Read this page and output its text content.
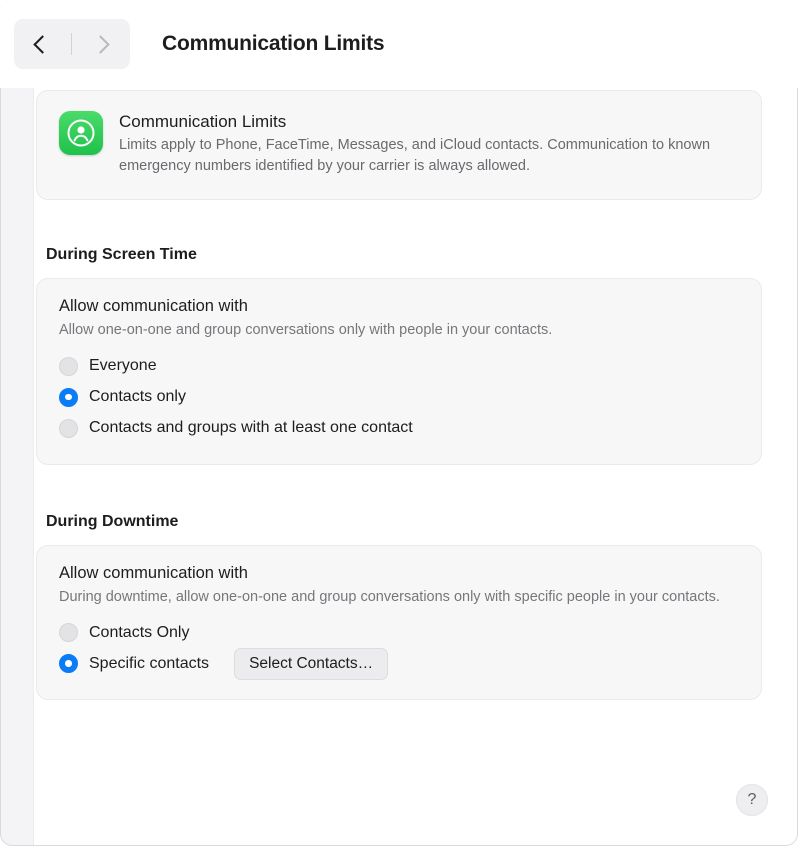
Communication Limits
Communication Limits
Limits apply to Phone, FaceTime, Messages, and iCloud contacts. Communication to known emergency numbers identified by your carrier is always allowed.
During Screen Time
Allow communication with
Allow one-on-one and group conversations only with people in your contacts.
Everyone
Contacts only
Contacts and groups with at least one contact
During Downtime
Allow communication with
During downtime, allow one-on-one and group conversations only with specific people in your contacts.
Contacts Only
Specific contacts	Select Contacts…
?
